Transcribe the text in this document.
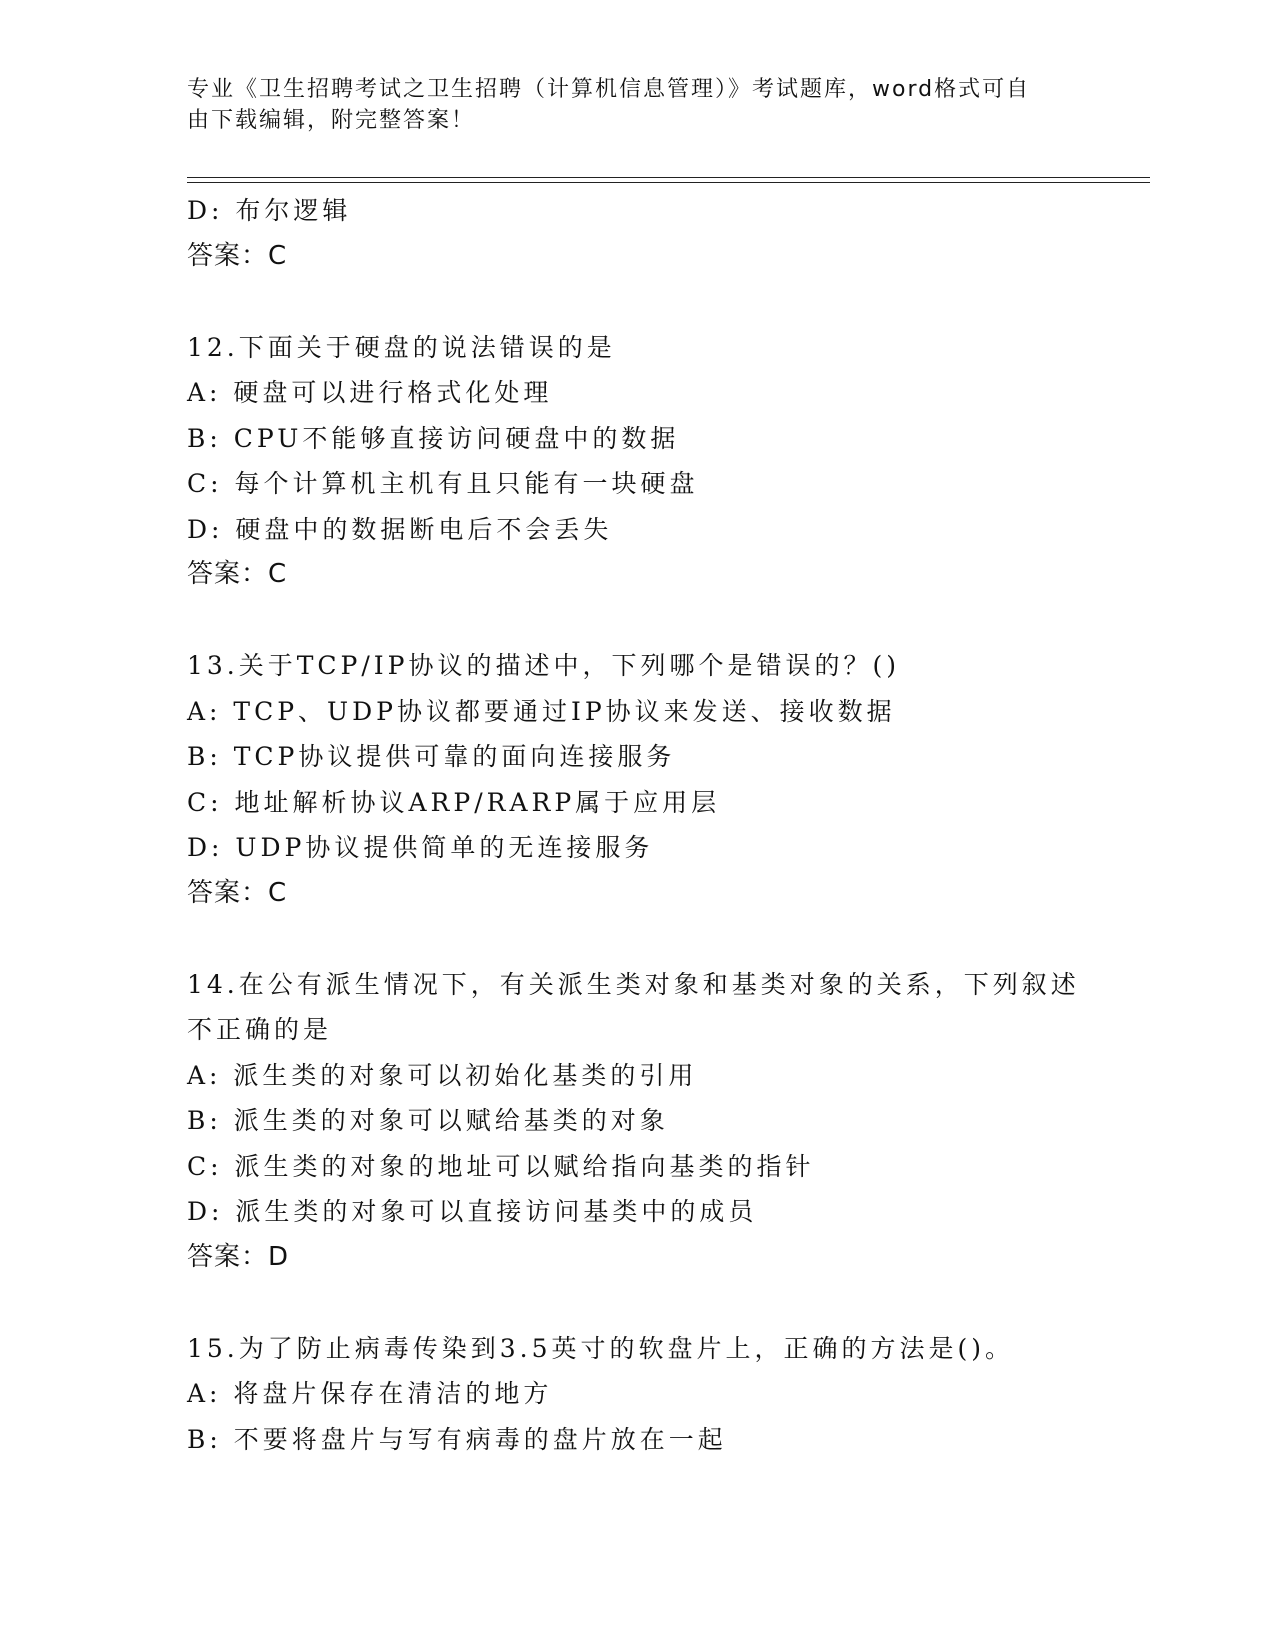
专业《卫生招聘考试之卫生招聘（计算机信息管理）》考试题库，word格式可自
由下载编辑，附完整答案！
D: 布尔逻辑
答案：C
12.下面关于硬盘的说法错误的是
A: 硬盘可以进行格式化处理
B: CPU不能够直接访问硬盘中的数据
C: 每个计算机主机有且只能有一块硬盘
D: 硬盘中的数据断电后不会丢失
答案：C
13.关于TCP/IP协议的描述中，下列哪个是错误的？()
A: TCP、UDP协议都要通过IP协议来发送、接收数据
B: TCP协议提供可靠的面向连接服务
C: 地址解析协议ARP/RARP属于应用层
D: UDP协议提供简单的无连接服务
答案：C
14.在公有派生情况下，有关派生类对象和基类对象的关系，下列叙述
不正确的是
A: 派生类的对象可以初始化基类的引用
B: 派生类的对象可以赋给基类的对象
C: 派生类的对象的地址可以赋给指向基类的指针
D: 派生类的对象可以直接访问基类中的成员
答案：D
15.为了防止病毒传染到3.5英寸的软盘片上，正确的方法是()。
A: 将盘片保存在清洁的地方
B: 不要将盘片与写有病毒的盘片放在一起
